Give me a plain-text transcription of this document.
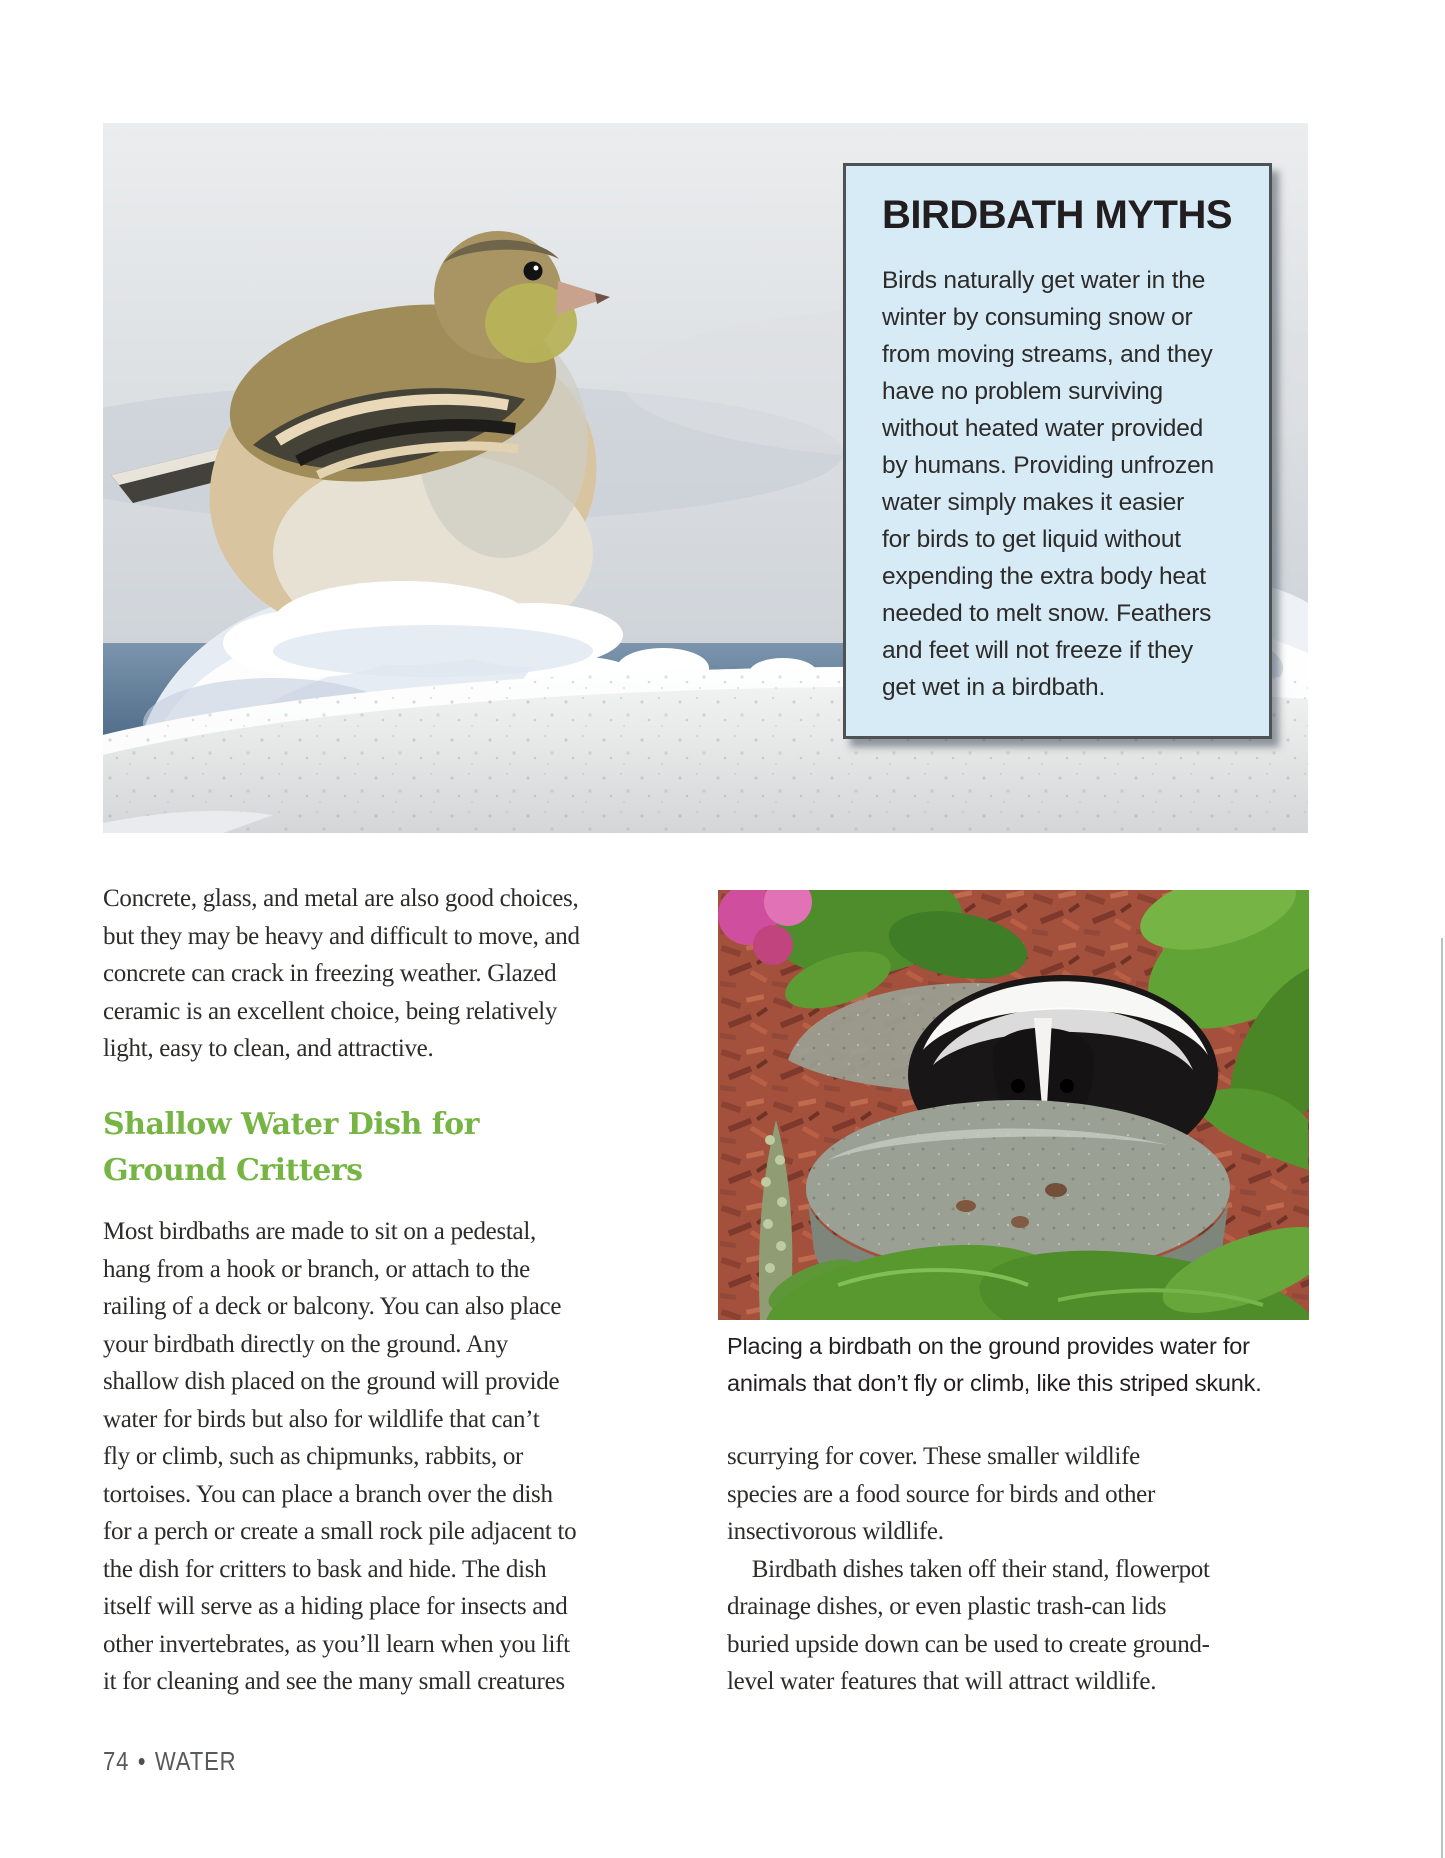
BIRDBATH MYTHS
Birds naturally get water in the
winter by consuming snow or
from moving streams, and they
have no problem surviving
without heated water provided
by humans. Providing unfrozen
water simply makes it easier
for birds to get liquid without
expending the extra body heat
needed to melt snow. Feathers
and feet will not freeze if they
get wet in a birdbath.
Concrete, glass, and metal are also good choices,
but they may be heavy and difficult to move, and
concrete can crack in freezing weather. Glazed
ceramic is an excellent choice, being relatively
light, easy to clean, and attractive.
Shallow Water Dish for
Ground Critters
Most birdbaths are made to sit on a pedestal,
hang from a hook or branch, or attach to the
railing of a deck or balcony. You can also place
your birdbath directly on the ground. Any
shallow dish placed on the ground will provide
water for birds but also for wildlife that can’t
fly or climb, such as chipmunks, rabbits, or
tortoises. You can place a branch over the dish
for a perch or create a small rock pile adjacent to
the dish for critters to bask and hide. The dish
itself will serve as a hiding place for insects and
other invertebrates, as you’ll learn when you lift
it for cleaning and see the many small creatures
Placing a birdbath on the ground provides water for
animals that don’t fly or climb, like this striped skunk.
scurrying for cover. These smaller wildlife
species are a food source for birds and other
insectivorous wildlife.
 Birdbath dishes taken off their stand, flowerpot
drainage dishes, or even plastic trash-can lids
buried upside down can be used to create ground-
level water features that will attract wildlife.
74 • WATER
